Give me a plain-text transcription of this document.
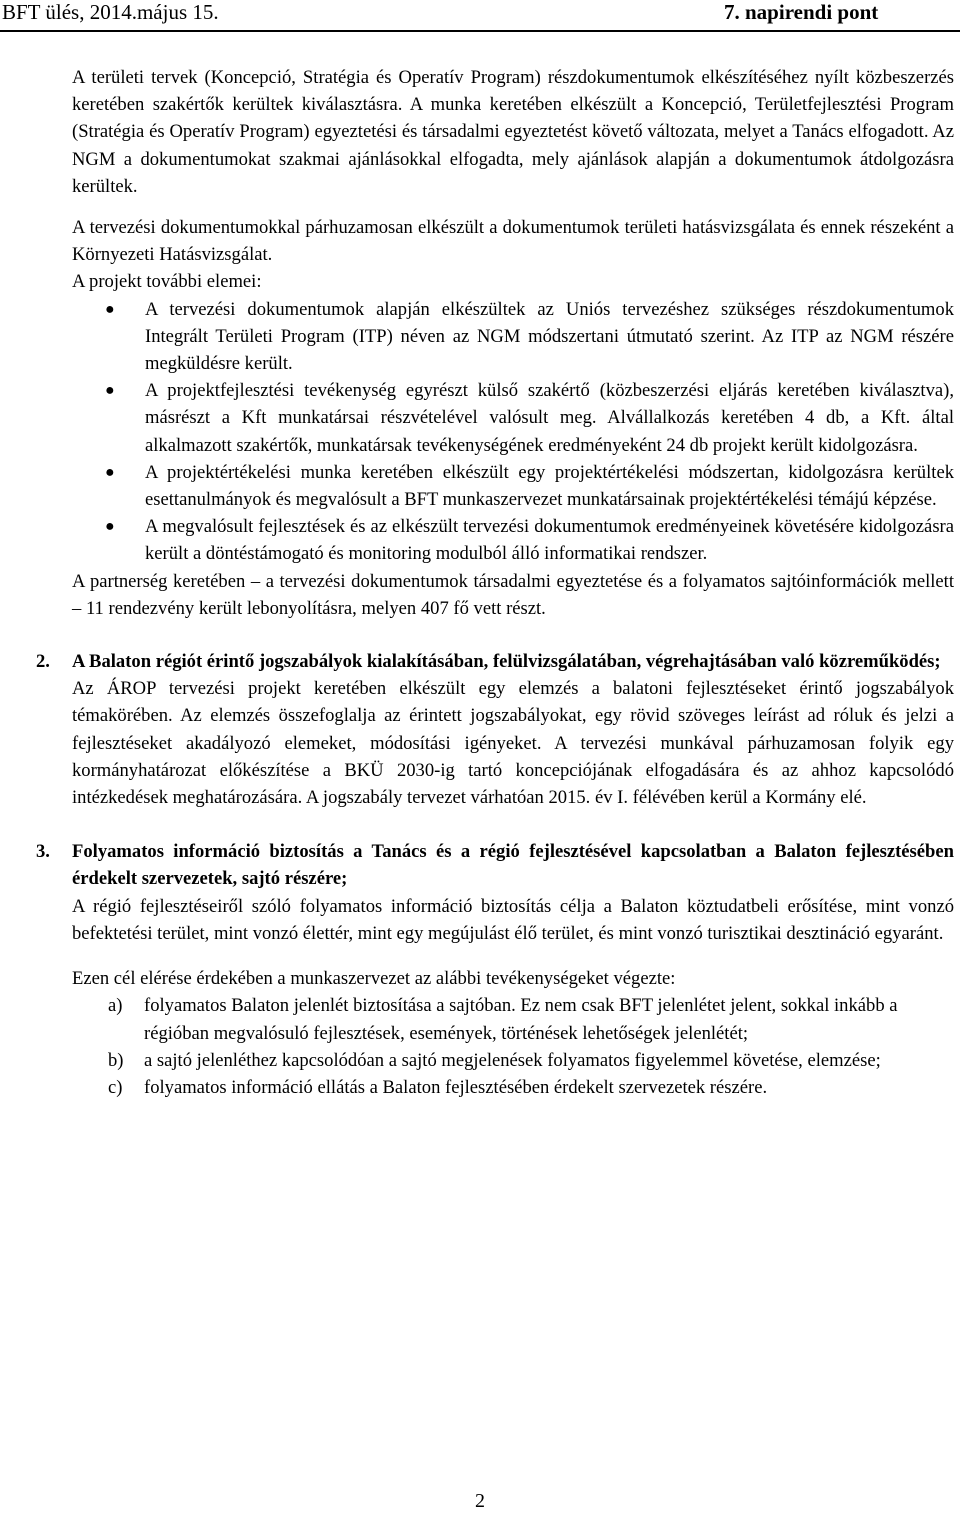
BFT ülés, 2014.május 15.	7. napirendi pont

A területi tervek (Koncepció, Stratégia és Operatív Program) részdokumentumok elkészítéséhez nyílt közbeszerzés keretében szakértők kerültek kiválasztásra. A munka keretében elkészült a Koncepció, Területfejlesztési Program (Stratégia és Operatív Program) egyeztetési és társadalmi egyeztetést követő változata, melyet a Tanács elfogadott. Az NGM a dokumentumokat szakmai ajánlásokkal elfogadta, mely ajánlások alapján a dokumentumok átdolgozásra kerültek.

A tervezési dokumentumokkal párhuzamosan elkészült a dokumentumok területi hatásvizsgálata és ennek részeként a Környezeti Hatásvizsgálat.

A projekt további elemei:

● A tervezési dokumentumok alapján elkészültek az Uniós tervezéshez szükséges részdokumentumok Integrált Területi Program (ITP) néven az NGM módszertani útmutató szerint. Az ITP az NGM részére megküldésre került.
● A projektfejlesztési tevékenység egyrészt külső szakértő (közbeszerzési eljárás keretében kiválasztva), másrészt a Kft munkatársai részvételével valósult meg. Alvállalkozás keretében 4 db, a Kft. által alkalmazott szakértők, munkatársak tevékenységének eredményeként 24 db projekt került kidolgozásra.
● A projektértékelési munka keretében elkészült egy projektértékelési módszertan, kidolgozásra kerültek esettanulmányok és megvalósult a BFT munkaszervezet munkatársainak projektértékelési témájú képzése.
● A megvalósult fejlesztések és az elkészült tervezési dokumentumok eredményeinek követésére kidolgozásra került a döntéstámogató és monitoring modulból álló informatikai rendszer.

A partnerség keretében – a tervezési dokumentumok társadalmi egyeztetése és a folyamatos sajtóinformációk mellett – 11 rendezvény került lebonyolításra, melyen 407 fő vett részt.

2. A Balaton régiót érintő jogszabályok kialakításában, felülvizsgálatában, végrehajtásában való közreműködés;

Az ÁROP tervezési projekt keretében elkészült egy elemzés a balatoni fejlesztéseket érintő jogszabályok témakörében. Az elemzés összefoglalja az érintett jogszabályokat, egy rövid szöveges leírást ad róluk és jelzi a fejlesztéseket akadályozó elemeket, módosítási igényeket. A tervezési munkával párhuzamosan folyik egy kormányhatározat előkészítése a BKÜ 2030-ig tartó koncepciójának elfogadására és az ahhoz kapcsolódó intézkedések meghatározására. A jogszabály tervezet várhatóan 2015. év I. félévében kerül a Kormány elé.

3. Folyamatos információ biztosítás a Tanács és a régió fejlesztésével kapcsolatban a Balaton fejlesztésében érdekelt szervezetek, sajtó részére;

A régió fejlesztéseiről szóló folyamatos információ biztosítás célja a Balaton köztudatbeli erősítése, mint vonzó befektetési terület, mint vonzó élettér, mint egy megújulást élő terület, és mint vonzó turisztikai desztináció egyaránt.

Ezen cél elérése érdekében a munkaszervezet az alábbi tevékenységeket végezte:

a) folyamatos Balaton jelenlét biztosítása a sajtóban. Ez nem csak BFT jelenlétet jelent, sokkal inkább a régióban megvalósuló fejlesztések, események, történések lehetőségek jelenlétét;
b) a sajtó jelenléthez kapcsolódóan a sajtó megjelenések folyamatos figyelemmel követése, elemzése;
c) folyamatos információ ellátás a Balaton fejlesztésében érdekelt szervezetek részére.
2
